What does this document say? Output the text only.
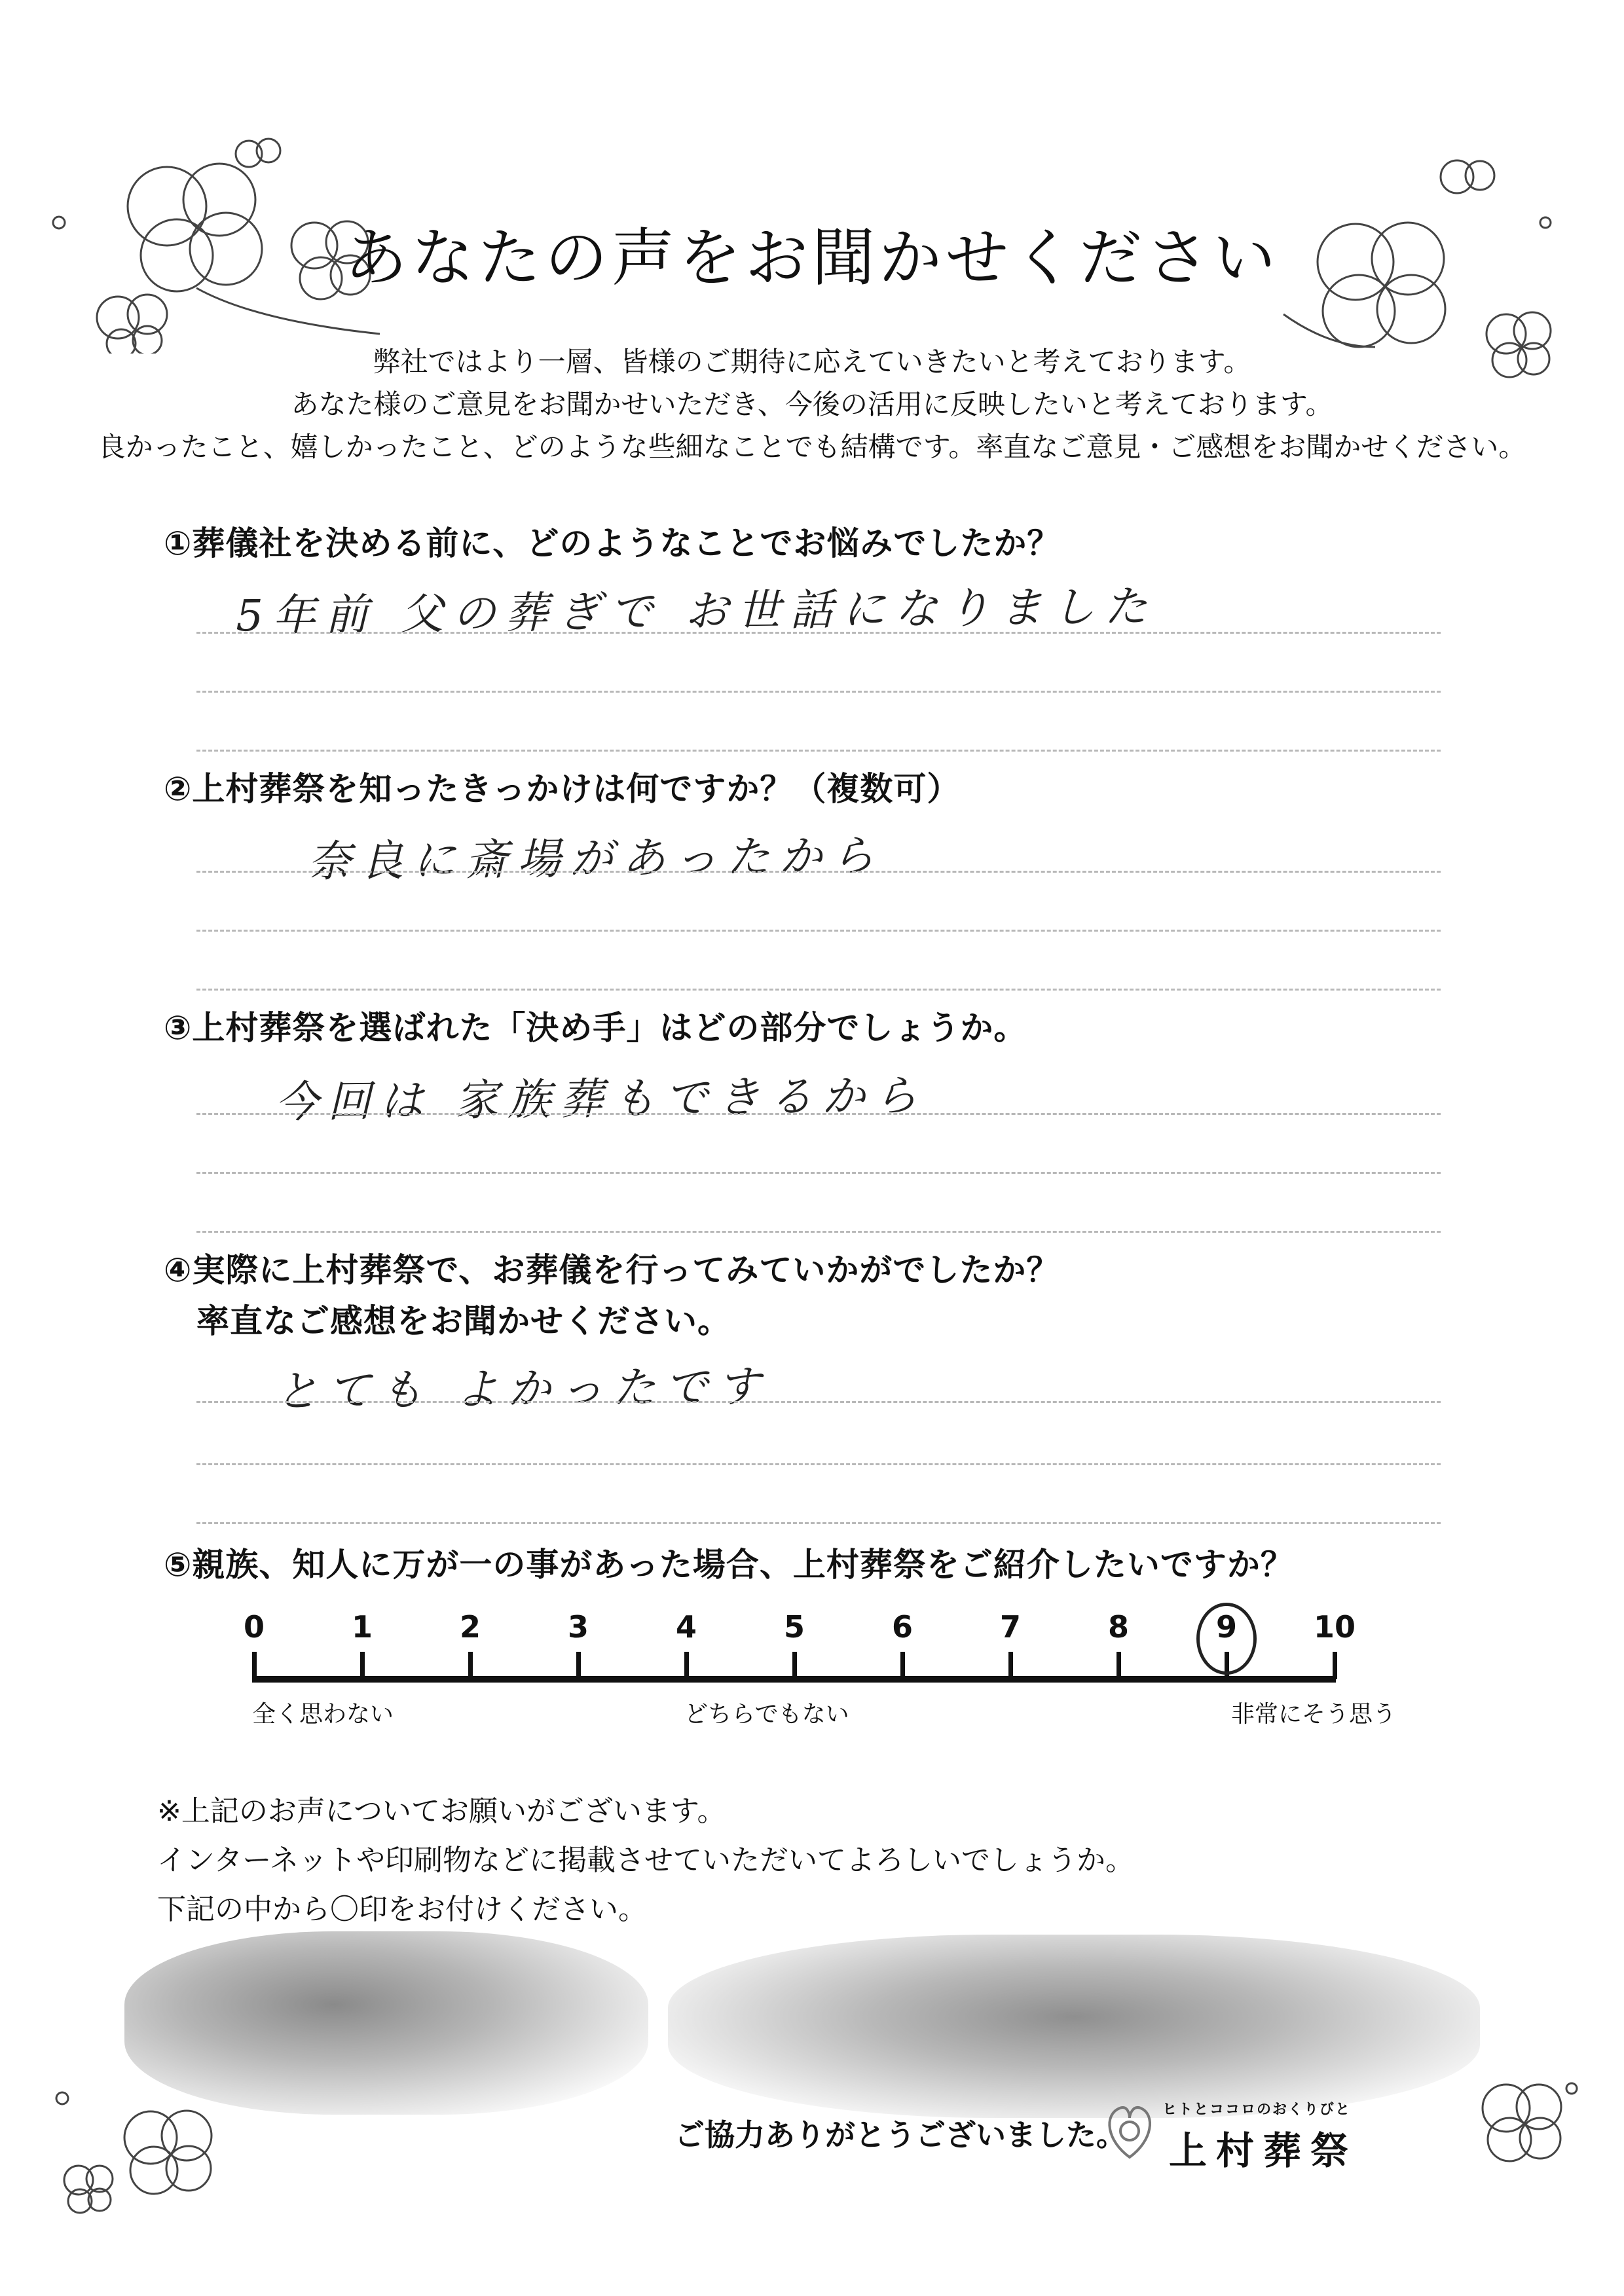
あなたの声をお聞かせください
弊社ではより一層、皆様のご期待に応えていきたいと考えております。
あなた様のご意見をお聞かせいただき、今後の活用に反映したいと考えております。
良かったこと、嬉しかったこと、どのような些細なことでも結構です。率直なご意見・ご感想をお聞かせください。
①葬儀社を決める前に、どのようなことでお悩みでしたか？
5年前 父の葬ぎで お世話になりました
②上村葬祭を知ったきっかけは何ですか？（複数可）
奈良に斎場があったから
③上村葬祭を選ばれた「決め手」はどの部分でしょうか。
今回は 家族葬もできるから
④実際に上村葬祭で、お葬儀を行ってみていかがでしたか？
率直なご感想をお聞かせください。
とても よかったです
⑤親族、知人に万が一の事があった場合、上村葬祭をご紹介したいですか？
0	1	2	3	4	5	6	7	8	9	10
全く思わない	どちらでもない	非常にそう思う
※上記のお声についてお願いがございます。
インターネットや印刷物などに掲載させていただいてよろしいでしょうか。
下記の中から〇印をお付けください。
ご協力ありがとうございました。
ヒトとココロのおくりびと
上村葬祭
